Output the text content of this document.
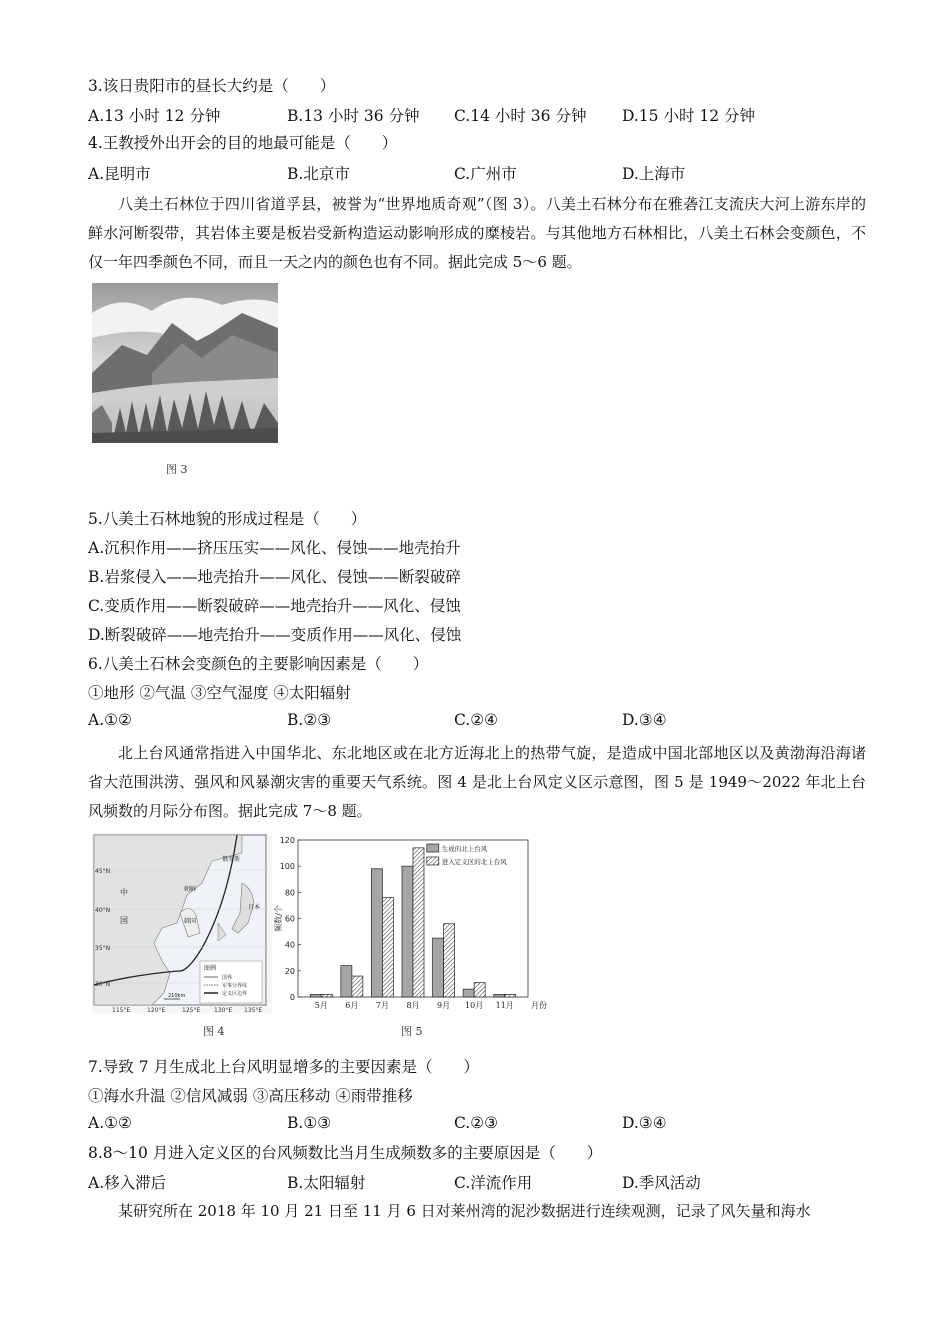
3.该日贵阳市的昼长大约是（　　）
A.13 小时 12 分钟	B.13 小时 36 分钟 C.14 小时 36 分钟 D.15 小时 12 分钟
4.王教授外出开会的目的地最可能是（　　）
A.昆明市	B.北京市	C.广州市	D.上海市

八美土石林位于四川省道孚县，被誉为“世界地质奇观”（图 3）。八美土石林分布在雅砻江支流庆大河上游东岸的鲜水河断裂带，其岩体主要是板岩受新构造运动影响形成的糜棱岩。与其他地方石林相比，八美土石林会变颜色，不仅一年四季颜色不同，而且一天之内的颜色也有不同。据此完成 5～6 题。

图 3
5.八美土石林地貌的形成过程是（　　）
A.沉积作用——挤压压实——风化、侵蚀——地壳抬升
B.岩浆侵入——地壳抬升——风化、侵蚀——断裂破碎
C.变质作用——断裂破碎——地壳抬升——风化、侵蚀
D.断裂破碎——地壳抬升——变质作用——风化、侵蚀
6.八美土石林会变颜色的主要影响因素是（　　）
①地形 ②气温 ③空气湿度 ④太阳辐射
A.①②	B.②③	C.②④	D.③④

北上台风通常指进入中国华北、东北地区或在北方近海北上的热带气旋，是造成中国北部地区以及黄渤海沿海诸省大范围洪涝、强风和风暴潮灾害的重要天气系统。图 4 是北上台风定义区示意图，图 5 是 1949～2022 年北上台风频数的月际分布图。据此完成 7～8 题。

45°N
40°N
35°N
30°N
115°E	120°E	125°E 130°E 135°E
中
国
俄罗斯
朝鲜
韩国
日本
图例
国界
军事分界线
定义区边界
210km
图 4
0
20
40
60
80
100
120
频数/个
5月 6月 7月 8月 9月 10月 11月 月份
生成的北上台风
进入定义区的北上台风
图 5
7.导致 7 月生成北上台风明显增多的主要因素是（　　）
①海水升温 ②信风减弱 ③高压移动 ④雨带推移
A.①②	B.①③	C.②③	D.③④
8.8～10 月进入定义区的台风频数比当月生成频数多的主要原因是（　　）
A.移入滞后	B.太阳辐射	C.洋流作用	D.季风活动

某研究所在 2018 年 10 月 21 日至 11 月 6 日对莱州湾的泥沙数据进行连续观测，记录了风矢量和海水
